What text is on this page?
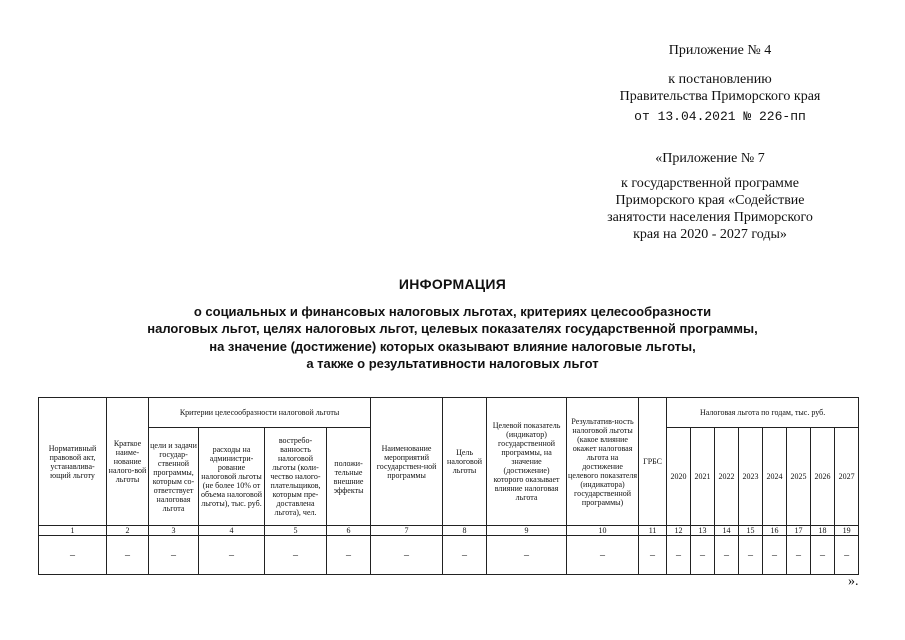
Приложение № 4
к постановлению
Правительства Приморского края
от 13.04.2021 № 226-пп
«Приложение № 7
к государственной программе
Приморского края «Содействие
занятости населения Приморского
края на 2020 - 2027 годы»
ИНФОРМАЦИЯ
о социальных и финансовых налоговых льготах, критериях целесообразности
налоговых льгот, целях налоговых льгот, целевых показателях государственной программы,
на значение (достижение) которых оказывают влияние налоговые льготы,
а также о результативности налоговых льгот
Нормативный правовой акт, устанавлива-ющий льготу	Краткое наиме-нование налого-вой льготы	Критерии целесообразности налоговой льготы				Наименование мероприятий государствен-ной программы	Цель налоговой льготы	Целевой показатель (индикатор) государственной программы, на значение (достижение) которого оказывает влияние налоговая льгота	Результатив-ность налоговой льготы (какое влияние окажет налоговая льгота на достижение целевого показателя (индикатора) государственной программы)	ГРБС	Налоговая льгота по годам, тыс. руб.							
		цели и задачи государ-ственной программы, которым со-ответствует налоговая льгота	расходы на администри-рование налоговой льготы (не более 10% от объема налоговой льготы), тыс. руб.	востребо-ванность налоговой льготы (коли-чество налого-плательщиков, которым пре-доставлена льгота), чел.	положи-тельные внешние эффекты						2020	2021	2022	2023	2024	2025	2026	2027
1	2	3	4	5	6	7	8	9	10	11	12	13	14	15	16	17	18	19
–	–	–	–	–	–	–	–	–	–	–	–	–	–	–	–	–	–	–
».
